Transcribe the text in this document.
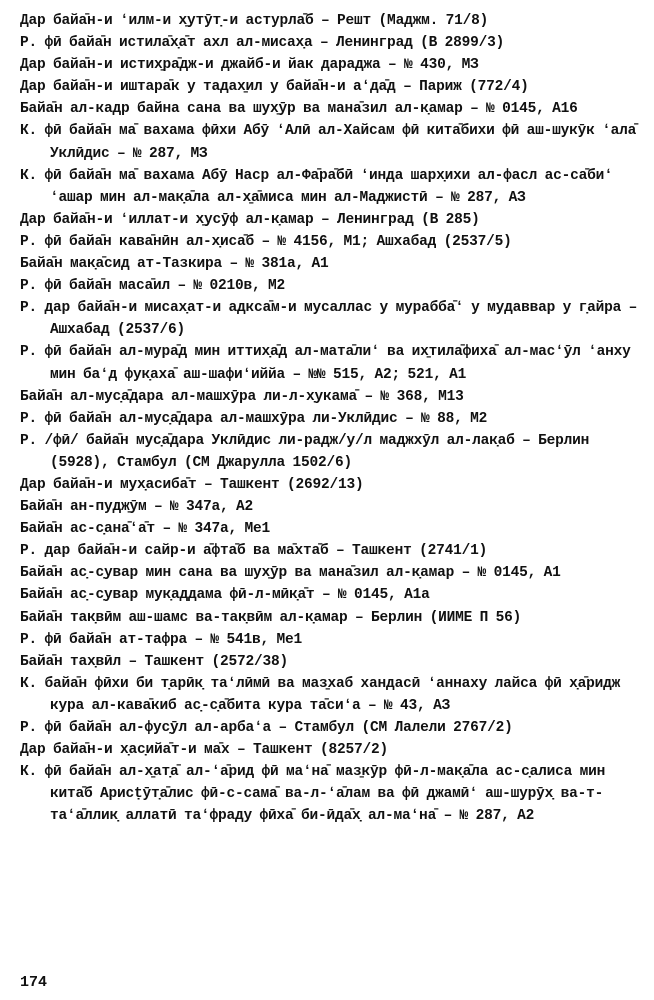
Дар байа̄н-и ʻилм-и х̱утӯт̣-и астурла̄б – Решт (Маджм. 71/8)

Р. фӣ байа̄н истила̄х̣а̄т ахл ал-мисах̣а – Ленинград (В 2899/3)

Дар байа̄н-и истих̱ра̄дж-и джайб-и йак дараджа – № 430, МЗ

Дар байа̄н-и иштара̄к у тадах̱ил у байа̄н-и аʻда̄д – Париж (772/4)

Байа̄н ал-кадр байна сана ва шух̱ӯр ва мана̄зил ал-к̣амар – № 0145, А16

К. фӣ байа̄н ма̄ вахама фӣхи Абӯ ʻАлӣ ал-Хайсам фӣ кита̄бихи фӣ аш-шукӯк ʻала̄ Уклӣдис – № 287, МЗ

К. фӣ байа̄н ма̄ вахама Абӯ Наср ал-Фа̄ра̄бӣ ʻинда шарх̣ихи ал-фасл ас-са̄биʻ ʻашар мин ал-мак̣а̄ла ал-х̱а̄миса мин ал-Маджистӣ – № 287, АЗ

Дар байа̄н-и ʻиллат-и х̱усӯф ал-к̣амар – Ленинград (В 285)

Р. фӣ байа̄н кава̄нӣн ал-х̣иса̄б – № 4156, М1; Ашхабад (2537/5)

Байа̄н мак̣а̄сид ат-Тазкира – № 381а, А1

Р. фӣ байа̄н маса̄ил – № 0210в, М2

Р. дар байа̄н-и мисах̣ат-и адкса̄м-и мусаллас у мурабба̄ʻ у мудаввар у г̣айра – Ашхабад (2537/6)

Р. фӣ байа̄н ал-мура̄д мин иттих̣а̄д ал-мата̄лиʻ ва их̱тила̄фиха̄ ал-масʻӯл ʻанху мин баʻд фук̣аха̄ аш-шафиʻиййа – №№ 515, А2; 521, А1

Байа̄н ал-мус̣а̄дара ал-машхӯра ли-л-х̣укама̄ – № 368, М13

Р. фӣ байа̄н ал-мус̣а̄дара ал-машхӯра ли-Уклӣдис – № 88, М2

Р. /фӣ/ байа̄н мус̣а̄дара Уклӣдис ли-радж/у/л маджхӯл ал-лак̣аб – Берлин (5928), Стамбул (СМ Джарулла 1502/6)

Дар байа̄н-и мух̣асиба̄т – Ташкент (2692/13)

Байа̄н ан-пудж̱ӯм – № 347а, А2

Байа̄н ас-с̣ана̄ʻа̄т – № 347а, Ме1

Р. дар байа̄н-и сайр-и а̄фта̄б ва ма̄хта̄б – Ташкент (2741/1)

Байа̄н ас̣-с̣увар мин сана ва шух̱ӯр ва мана̄зил ал-к̣амар – № 0145, А1

Байа̄н ас̣-с̣увар мук̣аддама фӣ-л-мӣк̣а̄т – № 0145, А1а

Байа̄н так̣вӣм аш-шамс ва-так̣вӣм ал-к̣амар – Берлин (ИИМЕ П 56)

Р. фӣ байа̄н ат-тафра – № 541в, Ме1

Байа̄н тах̣вӣл – Ташкент (2572/38)

К. байа̄н фӣхи би т̣арӣк̣ таʻлӣмӣ ва маз̱хаб хандасӣ ʻаннаху лайса фӣ х̣а̄ридж кура ал-кава̄киб ас̣-с̣а̄бита кура та̄сиʻа – № 43, АЗ

Р. фӣ байа̄н ал-фус̣ӯл ал-арбаʻа – Стамбул (СМ Лалели 2767/2)

Дар байа̄н-и х̣ас̣ийа̄т-и ма̄х – Ташкент (8257/2)

К. фӣ байа̄н ал-х̱ат̣а̄ ал-ʻа̄рид фӣ маʻна̄ маз̱кӯр фӣ-л-мак̣а̄ла ас-с̣алиса мин кита̄б Арисṭӯт̣а̄лис фӣ-с-сама̄ ва-л-ʻа̄лам ва фӣ джамӣʻ аш-шурӯх̣ ва-т-таʻа̄ллик̣ аллатӣ таʻфраду фӣха̄ би-ӣда̄х̣ ал-маʻна̄ – № 287, А2

174
